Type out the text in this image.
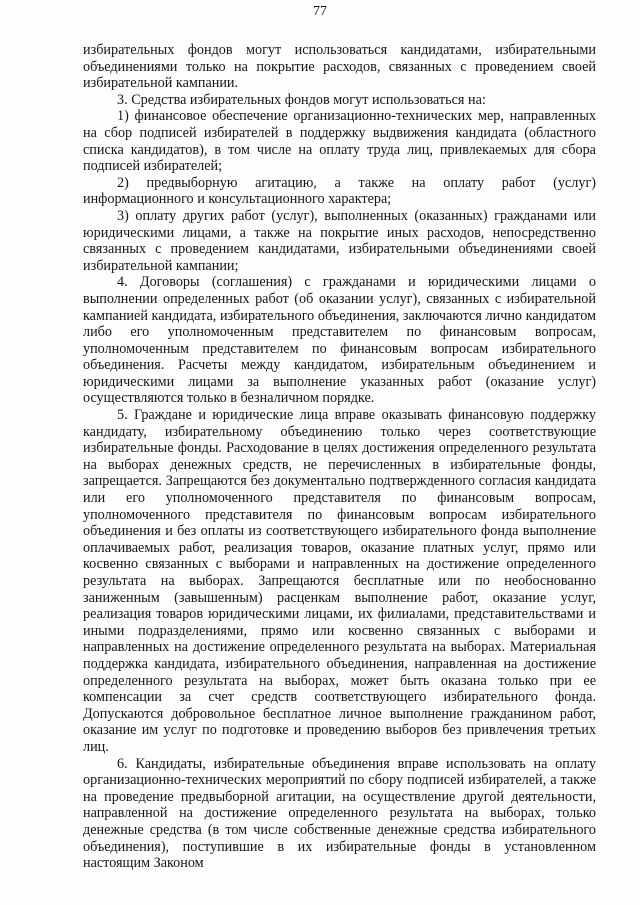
77

избирательных фондов могут использоваться кандидатами, избирательными объединениями только на покрытие расходов, связанных с проведением своей избирательной кампании.

3. Средства избирательных фондов могут использоваться на:

1) финансовое обеспечение организационно-технических мер, направленных на сбор подписей избирателей в поддержку выдвижения кандидата (областного списка кандидатов), в том числе на оплату труда лиц, привлекаемых для сбора подписей избирателей;

2) предвыборную агитацию, а также на оплату работ (услуг) информационного и консультационного характера;

3) оплату других работ (услуг), выполненных (оказанных) гражданами или юридическими лицами, а также на покрытие иных расходов, непосредственно связанных с проведением кандидатами, избирательными объединениями своей избирательной кампании;

4. Договоры (соглашения) с гражданами и юридическими лицами о выполнении определенных работ (об оказании услуг), связанных с избирательной кампанией кандидата, избирательного объединения, заключаются лично кандидатом либо его уполномоченным представителем по финансовым вопросам, уполномоченным представителем по финансовым вопросам избирательного объединения. Расчеты между кандидатом, избирательным объединением и юридическими лицами за выполнение указанных работ (оказание услуг) осуществляются только в безналичном порядке.

5. Граждане и юридические лица вправе оказывать финансовую поддержку кандидату, избирательному объединению только через соответствующие избирательные фонды. Расходование в целях достижения определенного результата на выборах денежных средств, не перечисленных в избирательные фонды, запрещается. Запрещаются без документально подтвержденного согласия кандидата или его уполномоченного представителя по финансовым вопросам, уполномоченного представителя по финансовым вопросам избирательного объединения и без оплаты из соответствующего избирательного фонда выполнение оплачиваемых работ, реализация товаров, оказание платных услуг, прямо или косвенно связанных с выборами и направленных на достижение определенного результата на выборах. Запрещаются бесплатные или по необоснованно заниженным (завышенным) расценкам выполнение работ, оказание услуг, реализация товаров юридическими лицами, их филиалами, представительствами и иными подразделениями, прямо или косвенно связанных с выборами и направленных на достижение определенного результата на выборах. Материальная поддержка кандидата, избирательного объединения, направленная на достижение определенного результата на выборах, может быть оказана только при ее компенсации за счет средств соответствующего избирательного фонда. Допускаются добровольное бесплатное личное выполнение гражданином работ, оказание им услуг по подготовке и проведению выборов без привлечения третьих лиц.

6. Кандидаты, избирательные объединения вправе использовать на оплату организационно-технических мероприятий по сбору подписей избирателей, а также на проведение предвыборной агитации, на осуществление другой деятельности, направленной на достижение определенного результата на выборах, только денежные средства (в том числе собственные денежные средства избирательного объединения), поступившие в их избирательные фонды в установленном настоящим Законом
